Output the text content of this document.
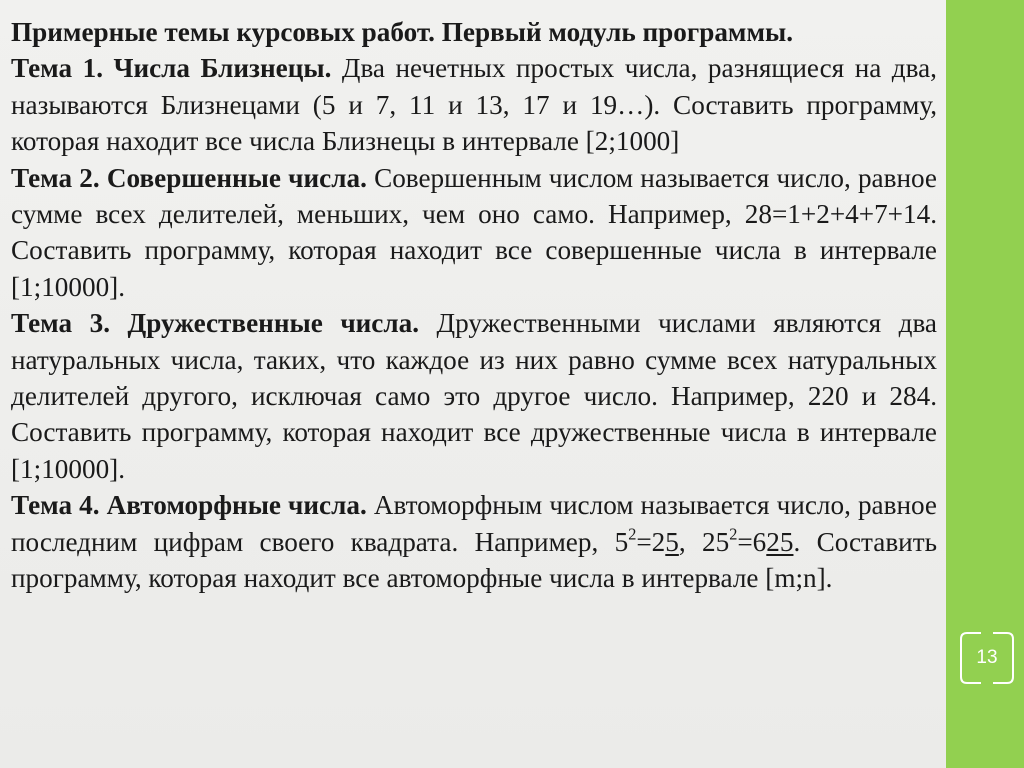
Примерные темы курсовых работ. Первый модуль программы.

Тема 1. Числа Близнецы. Два нечетных простых числа, разнящиеся на два, называются Близнецами (5 и 7, 11 и 13, 17 и 19…). Составить программу, которая находит все числа Близнецы в интервале [2;1000]

Тема 2. Совершенные числа. Совершенным числом называется число, равное сумме всех делителей, меньших, чем оно само. Например, 28=1+2+4+7+14. Составить программу, которая находит все совершенные числа в интервале [1;10000].

Тема 3. Дружественные числа. Дружественными числами являются два натуральных числа, таких, что каждое из них равно сумме всех натуральных делителей другого, исключая само это другое число. Например, 220 и 284. Составить программу, которая находит все дружественные числа в интервале [1;10000].

Тема 4. Автоморфные числа. Автоморфным числом называется число, равное последним цифрам своего квадрата. Например, $5^2=25$, $25^2=625$. Составить программу, которая находит все автоморфные числа в интервале [m;n].

13
